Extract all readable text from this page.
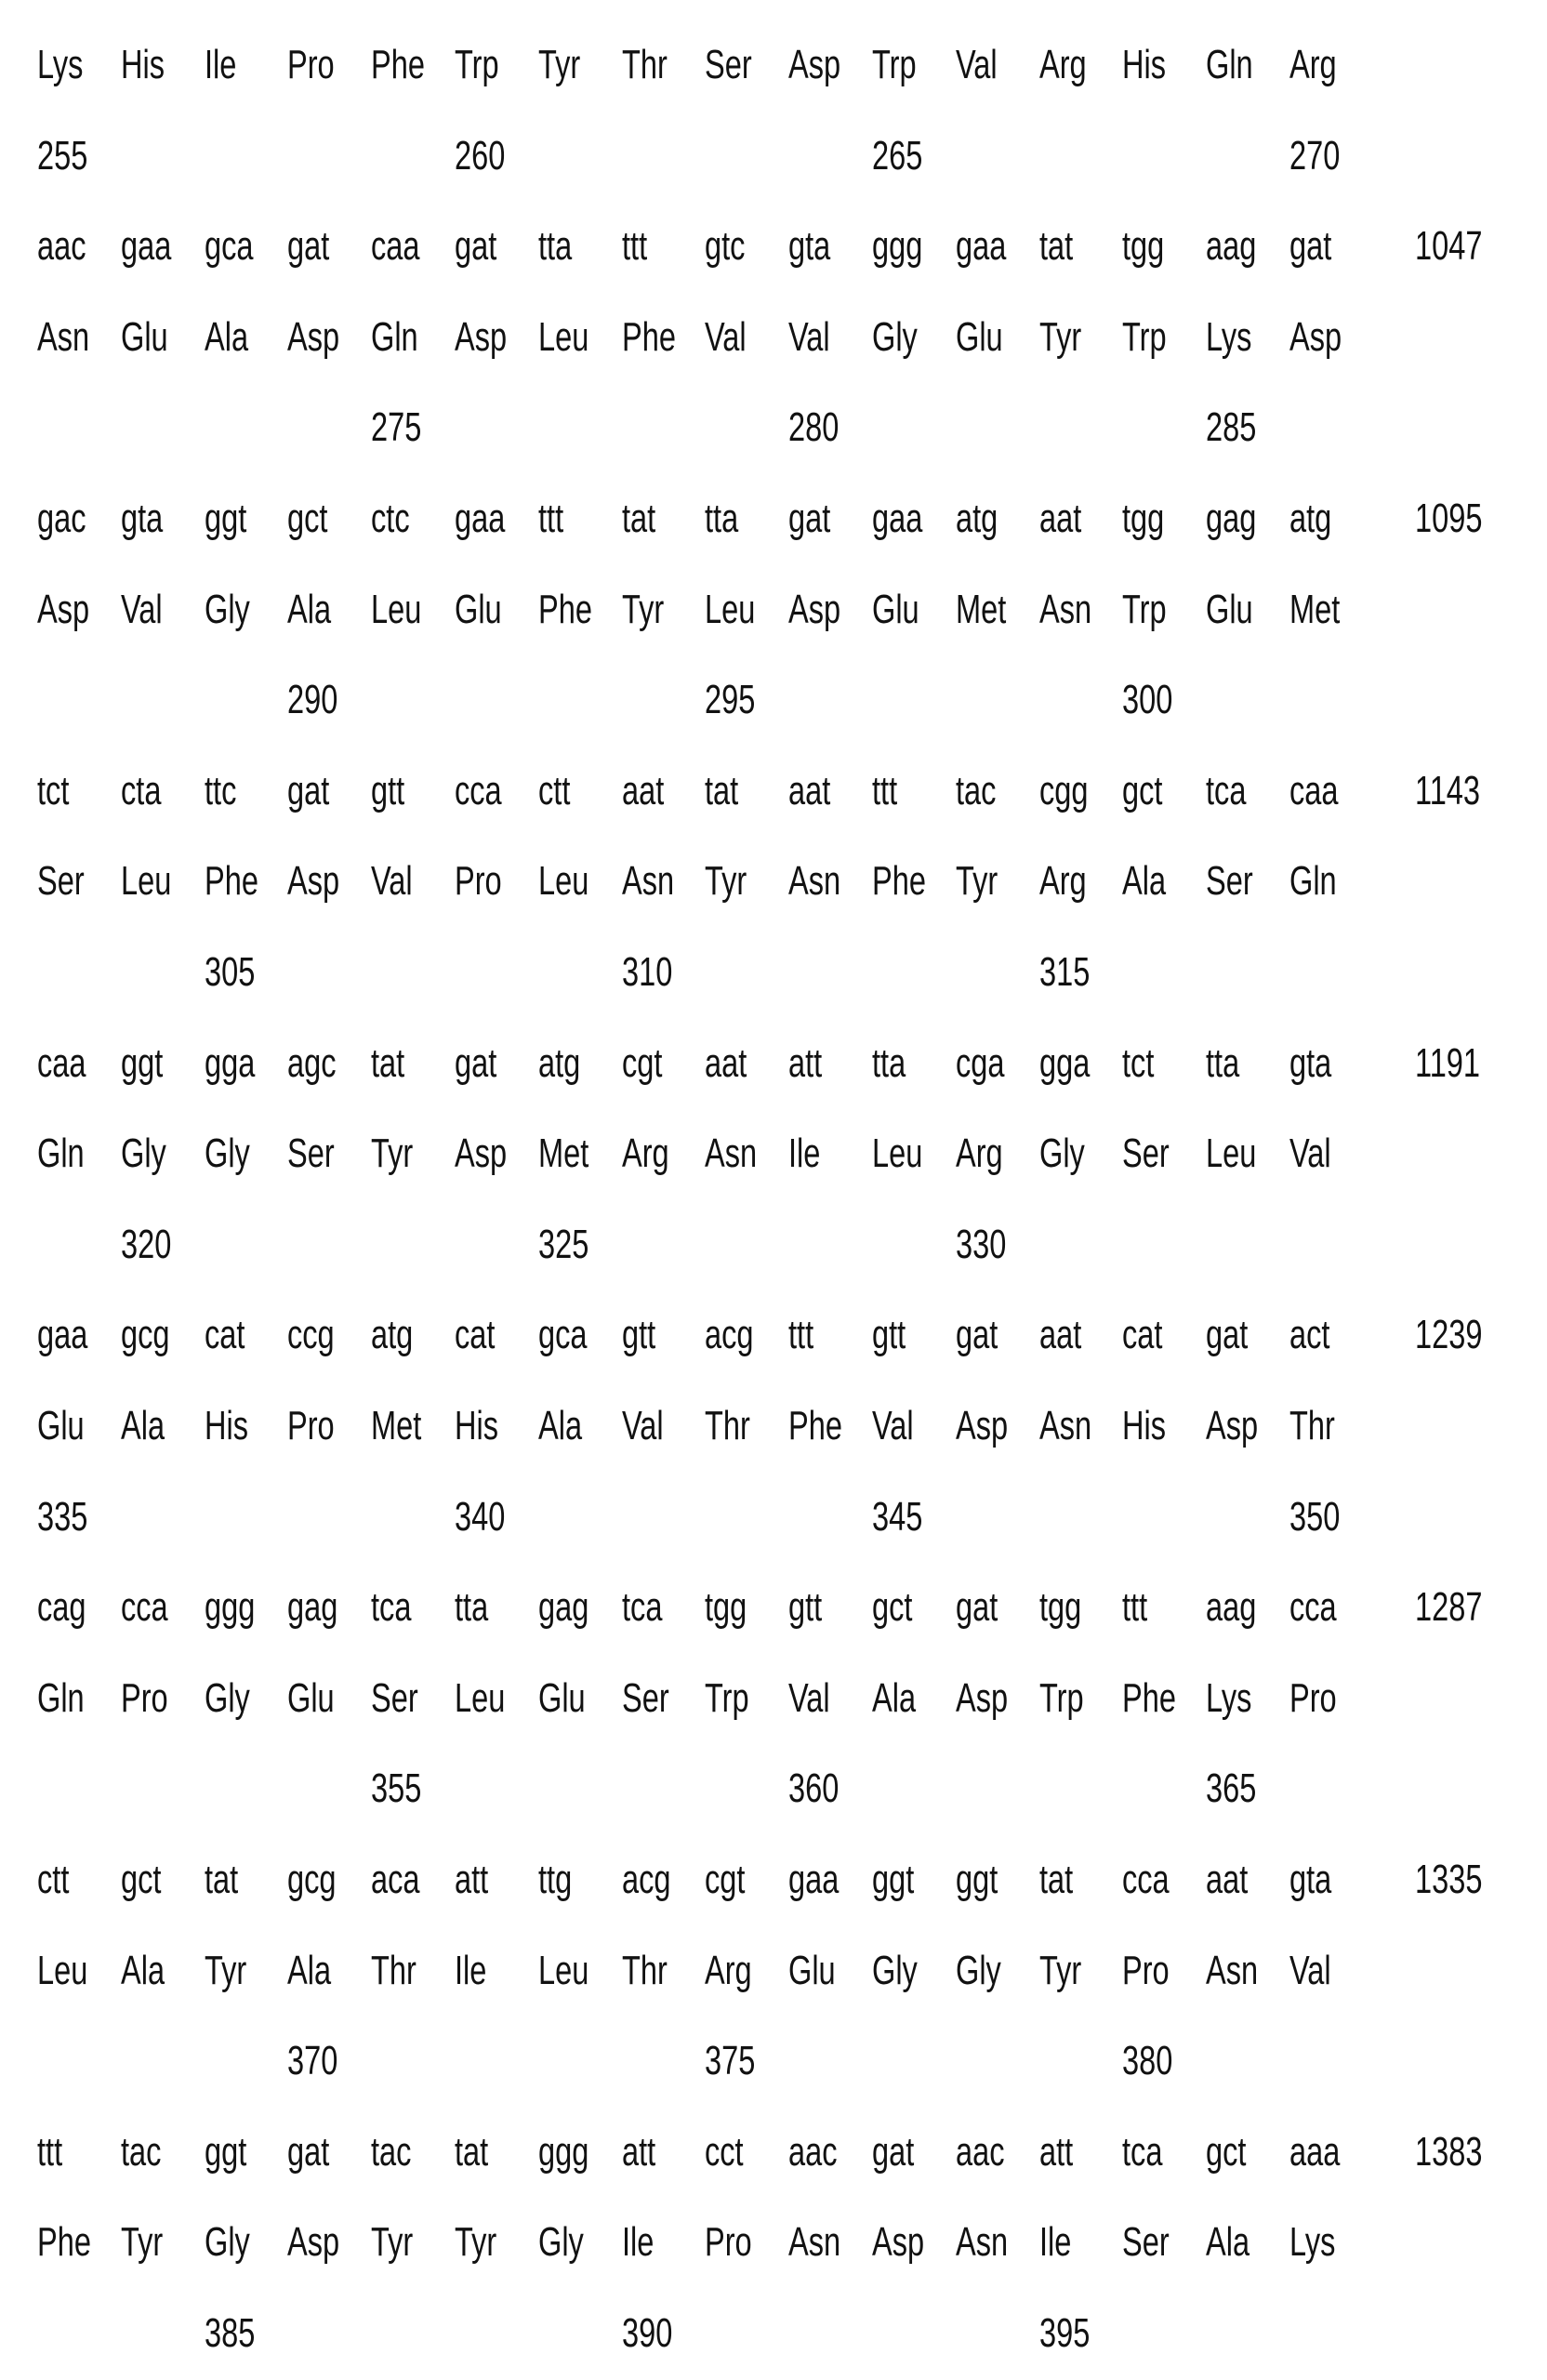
Lys His Ile Pro Phe Trp Tyr Thr Ser Asp Trp Val Arg His Gln Arg
255	260	265	270
aac gaa gca gat caa gat tta ttt gtc gta ggg gaa tat tgg aag gat 1047
Asn Glu Ala Asp Gln Asp Leu Phe Val Val Gly Glu Tyr Trp Lys Asp
275	280	285
gac gta ggt gct ctc gaa ttt tat tta gat gaa atg aat tgg gag atg 1095
Asp Val Gly Ala Leu Glu Phe Tyr Leu Asp Glu Met Asn Trp Glu Met
290	295	300
tct cta ttc gat gtt cca ctt aat tat aat ttt tac cgg gct tca caa 1143
Ser Leu Phe Asp Val Pro Leu Asn Tyr Asn Phe Tyr Arg Ala Ser Gln
305	310	315
caa ggt gga agc tat gat atg cgt aat att tta cga gga tct tta gta 1191
Gln Gly Gly Ser Tyr Asp Met Arg Asn Ile Leu Arg Gly Ser Leu Val
320	325	330
gaa gcg cat ccg atg cat gca gtt acg ttt gtt gat aat cat gat act 1239
Glu Ala His Pro Met His Ala Val Thr Phe Val Asp Asn His Asp Thr
335	340	345	350
cag cca ggg gag tca tta gag tca tgg gtt gct gat tgg ttt aag cca 1287
Gln Pro Gly Glu Ser Leu Glu Ser Trp Val Ala Asp Trp Phe Lys Pro
355	360	365
ctt gct tat gcg aca att ttg acg cgt gaa ggt ggt tat cca aat gta 1335
Leu Ala Tyr Ala Thr Ile Leu Thr Arg Glu Gly Gly Tyr Pro Asn Val
370	375	380
ttt tac ggt gat tac tat ggg att cct aac gat aac att tca gct aaa 1383
Phe Tyr Gly Asp Tyr Tyr Gly Ile Pro Asn Asp Asn Ile Ser Ala Lys
385	390	395
